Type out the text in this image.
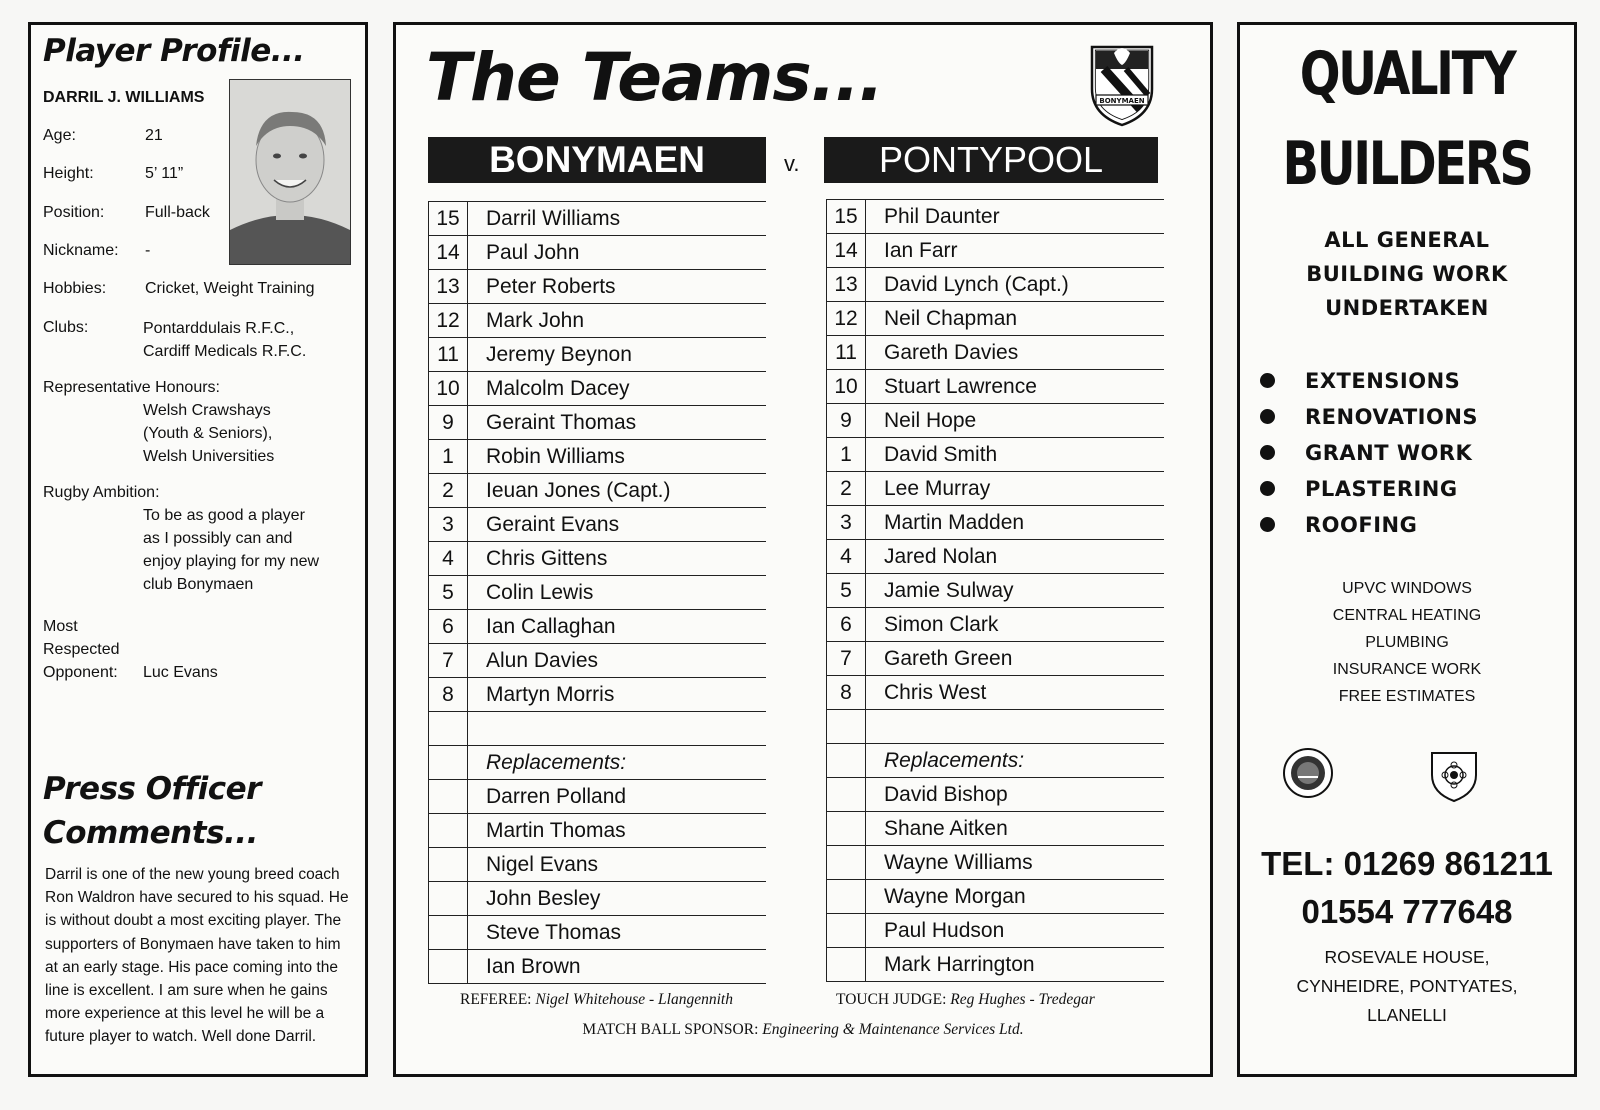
Player Profile...
DARRIL J. WILLIAMS
Age:	21
Height:	5’ 11”
Position:	Full-back
Nickname: -
Hobbies: Cricket, Weight Training
Clubs:	Pontarddulais R.F.C.,
Cardiff Medicals R.F.C.
Representative Honours:
Welsh Crawshays
(Youth & Seniors),
Welsh Universities
Rugby Ambition:
To be as good a player
as I possibly can and
enjoy playing for my new
club Bonymaen
Most
Respected
Opponent: Luc Evans
Press Officer
Comments...
Darril is one of the new young breed coach Ron Waldron have secured to his squad. He is without doubt a most exciting player. The supporters of Bonymaen have taken to him at an early stage. His pace coming into the line is excellent. I am sure when he gains more experience at this level he will be a future player to watch. Well done Darril.
The Teams...	BONYMAEN
BONYMAEN	v.	PONTYPOOL
15	Darril Williams
14	Paul John
13	Peter Roberts
12	Mark John
11	Jeremy Beynon
10	Malcolm Dacey
9	Geraint Thomas
1	Robin Williams
2	Ieuan Jones (Capt.)
3	Geraint Evans
4	Chris Gittens
5	Colin Lewis
6	Ian Callaghan
7	Alun Davies
8	Martyn Morris

	Replacements:
	Darren Polland
	Martin Thomas
	Nigel Evans
	John Besley
	Steve Thomas
	Ian Brown
15	Phil Daunter
14	Ian Farr
13	David Lynch (Capt.)
12	Neil Chapman
11	Gareth Davies
10	Stuart Lawrence
9	Neil Hope
1	David Smith
2	Lee Murray
3	Martin Madden
4	Jared Nolan
5	Jamie Sulway
6	Simon Clark
7	Gareth Green
8	Chris West

	Replacements:
	David Bishop
	Shane Aitken
	Wayne Williams
	Wayne Morgan
	Paul Hudson
	Mark Harrington
REFEREE: Nigel Whitehouse - Llangennith	TOUCH JUDGE: Reg Hughes - Tredegar
MATCH BALL SPONSOR: Engineering & Maintenance Services Ltd.
QUALITY
BUILDERS
ALL GENERAL
BUILDING WORK
UNDERTAKEN
EXTENSIONS
RENOVATIONS
GRANT WORK
PLASTERING
ROOFING
UPVC WINDOWS
CENTRAL HEATING
PLUMBING
INSURANCE WORK
FREE ESTIMATES
TEL: 01269 861211
01554 777648
ROSEVALE HOUSE,
CYNHEIDRE, PONTYATES,
LLANELLI
